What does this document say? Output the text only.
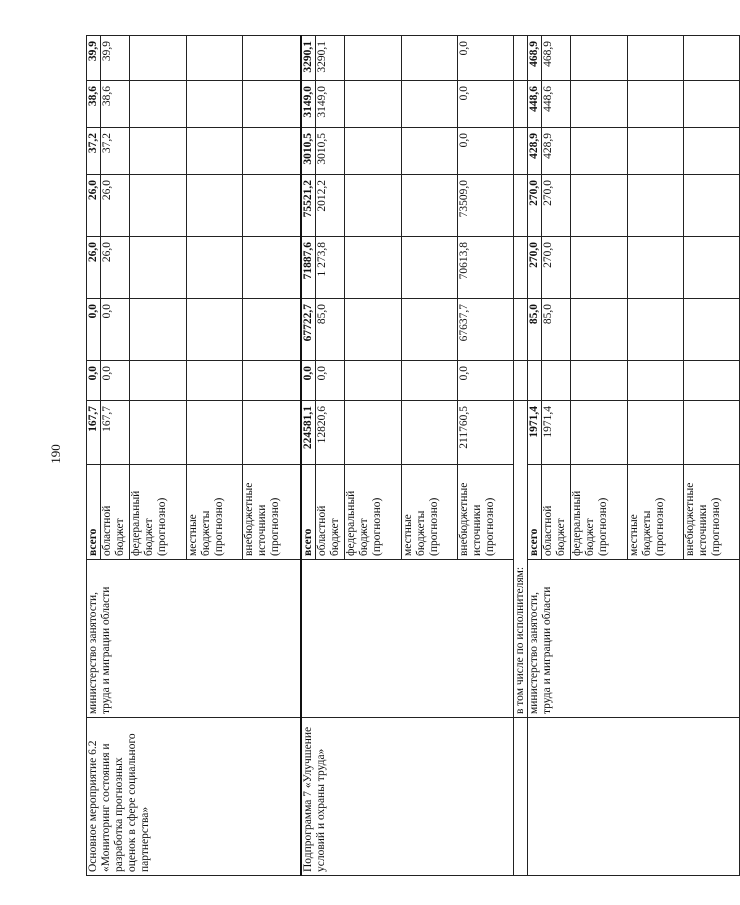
190
Основное мероприятие 6.2 «Мониторинг состояния и разработка прогнозных оценок в сфере социального партнерства»	министерство занятости, труда и миграции области	всего	167,7	0,0	0,0	26,0	26,0	37,2	38,6	39,9
		областной бюджет	167,7	0,0	0,0	26,0	26,0	37,2	38,6	39,9
		федеральный бюджет (прогнозно)								
		местные бюджеты (прогнозно)								
		внебюджетные источники (прогнозно)								
Подпрограмма 7 «Улучшение условий и охраны труда»		всего	224581,1	0,0	67722,7	71887,6	75521,2	3010,5	3149,0	3290,1
		областной бюджет	12820,6	0,0	85,0	1 273,8	2012,2	3010,5	3149,0	3290,1
		федеральный бюджет (прогнозно)								
		местные бюджеты (прогнозно)								
		внебюджетные источники (прогнозно)	211760,5	0,0	67637,7	70613,8	73509,0	0,0	0,0	0,0
	в том числе по исполнителям:									
	министерство занятости, труда и миграции области	всего	1971,4		85,0	270,0	270,0	428,9	448,6	468,9
		областной бюджет	1971,4		85,0	270,0	270,0	428,9	448,6	468,9
		федеральный бюджет (прогнозно)								
		местные бюджеты (прогнозно)								
		внебюджетные источники (прогнозно)								
